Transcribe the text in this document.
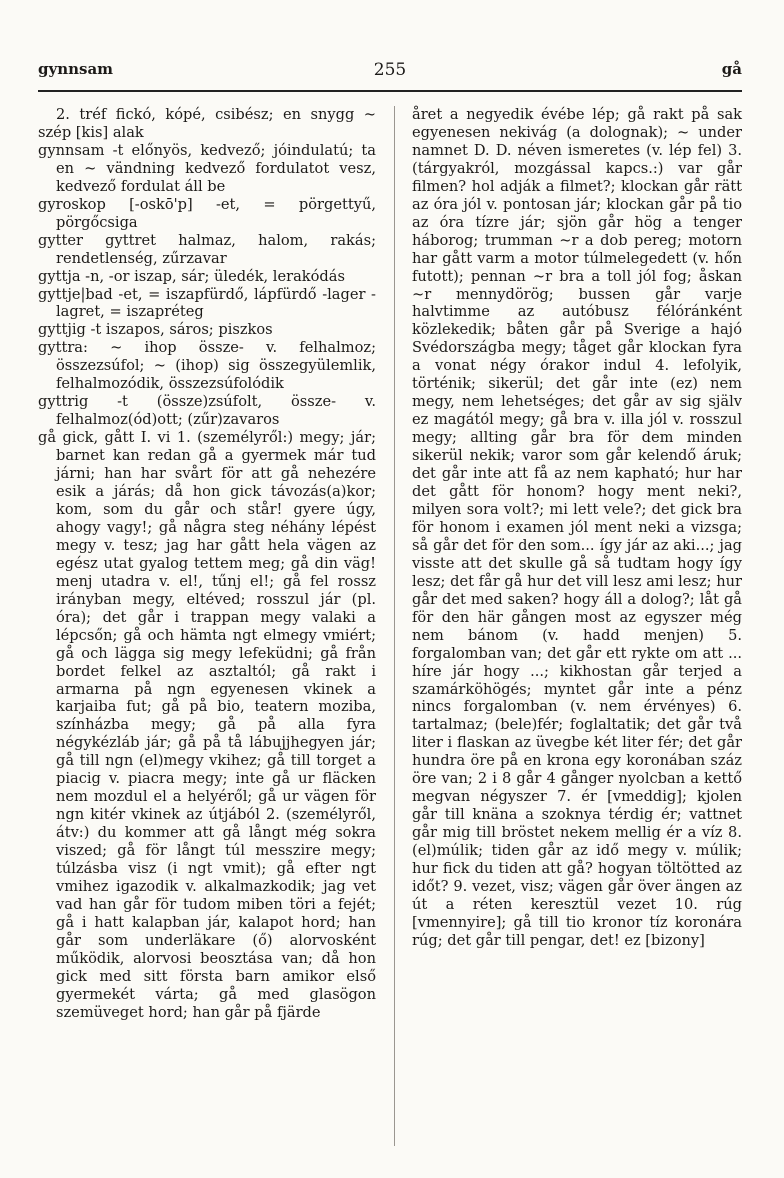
gynnsam	255	gå

2. tréf fickó, kópé, csibész; en snygg ~ szép [kis] alak

gynnsam -t előnyös, kedvező; jóindulatú; ta en ~ vändning kedvező fordulatot vesz, kedvező fordulat áll be

gyroskop [-oskō'p] -et, = pörgettyű, pörgőcsiga

gytter gyttret halmaz, halom, rakás; rendetlenség, zűrzavar

gyttja -n, -or iszap, sár; üledék, lerakódás

gyttje|bad -et, = iszapfürdő, lápfürdő -lager -lagret, = iszapréteg

gyttjig -t iszapos, sáros; piszkos

gyttra: ~ ihop össze- v. felhalmoz; összezsúfol; ~ (ihop) sig összegyülemlik, felhalmozódik, összezsúfolódik

gyttrig -t (össze)zsúfolt, össze- v. felhalmoz(ód)ott; (zűr)zavaros

gå gick, gått I. vi 1. (személyről:) megy; jár; barnet kan redan gå a gyermek már tud járni; han har svårt för att gå nehezére esik a járás; då hon gick távozás(a)kor; kom, som du går och står! gyere úgy, ahogy vagy!; gå några steg néhány lépést megy v. tesz; jag har gått hela vägen az egész utat gyalog tettem meg; gå din väg! menj utadra v. el!, tűnj el!; gå fel rossz irányban megy, eltéved; rosszul jár (pl. óra); det går i trappan megy valaki a lépcsőn; gå och hämta ngt elmegy vmiért; gå och lägga sig megy lefeküdni; gå från bordet felkel az asztaltól; gå rakt i armarna på ngn egyenesen vkinek a karjaiba fut; gå på bio, teatern moziba, színházba megy; gå på alla fyra négykézláb jár; gå på tå lábujjhegyen jár; gå till ngn (el)megy vkihez; gå till torget a piacig v. piacra megy; inte gå ur fläcken nem mozdul el a helyéről; gå ur vägen för ngn kitér vkinek az útjából 2. (személyről, átv:) du kommer att gå långt még sokra viszed; gå för långt túl messzire megy; túlzásba visz (i ngt vmit); gå efter ngt vmihez igazodik v. alkalmazkodik; jag vet vad han går för tudom miben töri a fejét; gå i hatt kalapban jár, kalapot hord; han går som underläkare (ő) alorvosként működik, alorvosi beosztása van; då hon gick med sitt första barn amikor első gyermekét várta; gå med glasögon szemüveget hord; han går på fjärde

året a negyedik évébe lép; gå rakt på sak egyenesen nekivág (a dolognak); ~ under namnet D. D. néven ismeretes (v. lép fel) 3. (tárgyakról, mozgással kapcs.:) var går filmen? hol adják a filmet?; klockan går rätt az óra jól v. pontosan jár; klockan går på tio az óra tízre jár; sjön går hög a tenger háborog; trumman ~r a dob pereg; motorn har gått varm a motor túlmelegedett (v. hőn futott); pennan ~r bra a toll jól fog; åskan ~r mennydörög; bussen går varje halvtimme az autóbusz félóránként közlekedik; båten går på Sverige a hajó Svédországba megy; tåget går klockan fyra a vonat négy órakor indul 4. lefolyik, történik; sikerül; det går inte (ez) nem megy, nem lehetséges; det går av sig själv ez magától megy; gå bra v. illa jól v. rosszul megy; allting går bra för dem minden sikerül nekik; varor som går kelendő áruk; det går inte att få az nem kapható; hur har det gått för honom? hogy ment neki?, milyen sora volt?; mi lett vele?; det gick bra för honom i examen jól ment neki a vizsga; så går det för den som... így jár az aki...; jag visste att det skulle gå så tudtam hogy így lesz; det får gå hur det vill lesz ami lesz; hur går det med saken? hogy áll a dolog?; låt gå för den här gången most az egyszer még nem bánom (v. hadd menjen) 5. forgalomban van; det går ett rykte om att ... híre jár hogy ...; kikhostan går terjed a szamárköhögés; myntet går inte a pénz nincs forgalomban (v. nem érvényes) 6. tartalmaz; (bele)fér; foglaltatik; det går två liter i flaskan az üvegbe két liter fér; det går hundra öre på en krona egy koronában száz öre van; 2 i 8 går 4 gånger nyolcban a kettő megvan négyszer 7. ér [vmeddig]; kjolen går till knäna a szoknya térdig ér; vattnet går mig till bröstet nekem mellig ér a víz 8. (el)múlik; tiden går az idő megy v. múlik; hur fick du tiden att gå? hogyan töltötted az időt? 9. vezet, visz; vägen går över ängen az út a réten keresztül vezet 10. rúg [vmennyire]; gå till tio kronor tíz koronára rúg; det går till pengar, det! ez [bizony]
